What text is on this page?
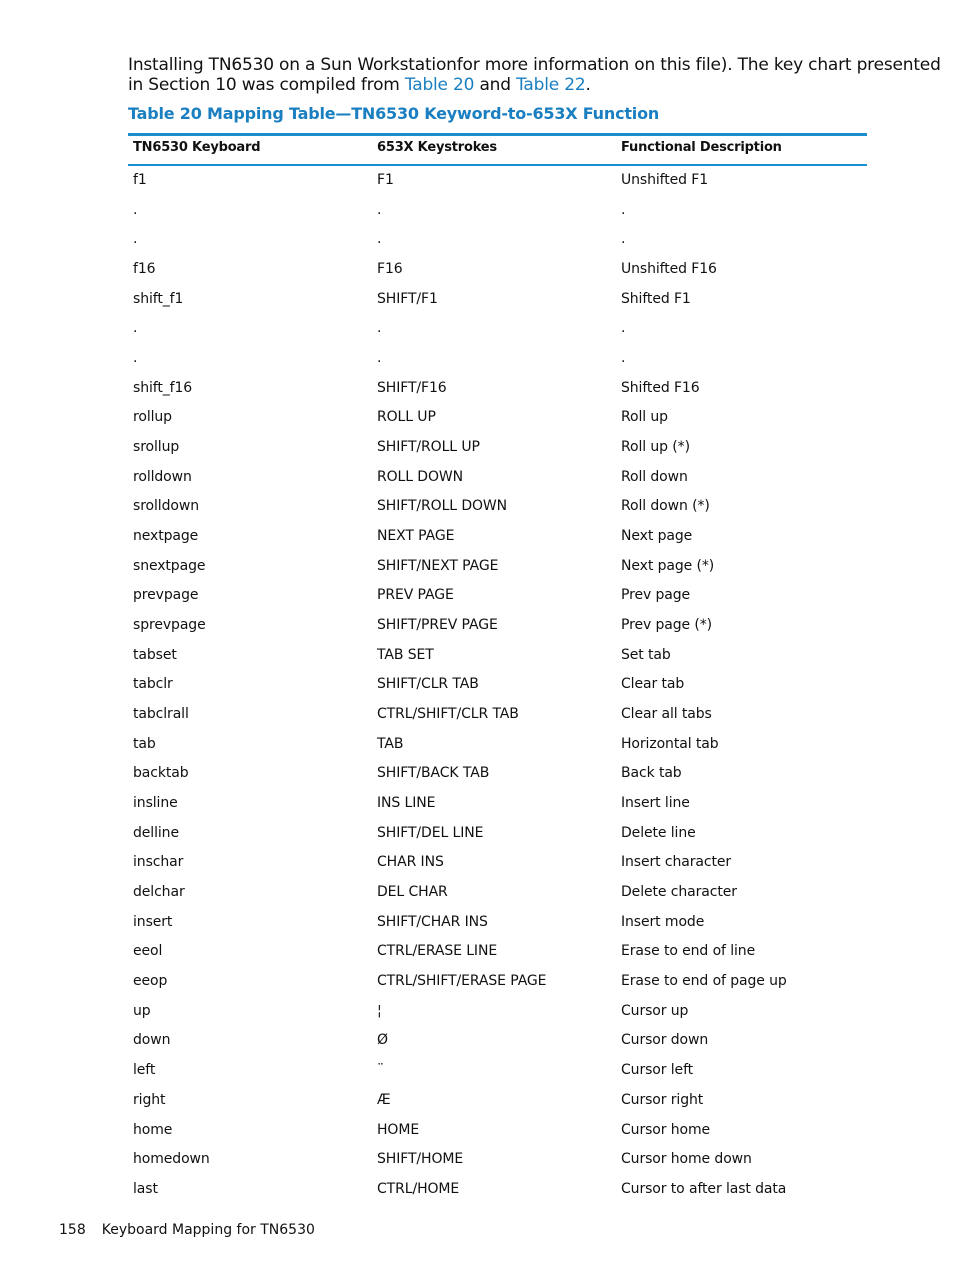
Installing TN6530 on a Sun Workstationfor more information on this file). The key chart presented
in Section 10 was compiled from Table 20 and Table 22.
Table 20 Mapping Table—TN6530 Keyword-to-653X Function
TN6530 Keyboard	653X Keystrokes	Functional Description
f1	F1	Unshifted F1
.	.	.
.	.	.
f16	F16	Unshifted F16
shift_f1	SHIFT/F1	Shifted F1
.	.	.
.	.	.
shift_f16	SHIFT/F16	Shifted F16
rollup	ROLL UP	Roll up
srollup	SHIFT/ROLL UP	Roll up (*)
rolldown	ROLL DOWN	Roll down
srolldown	SHIFT/ROLL DOWN	Roll down (*)
nextpage	NEXT PAGE	Next page
snextpage	SHIFT/NEXT PAGE	Next page (*)
prevpage	PREV PAGE	Prev page
sprevpage	SHIFT/PREV PAGE	Prev page (*)
tabset	TAB SET	Set tab
tabclr	SHIFT/CLR TAB	Clear tab
tabclrall	CTRL/SHIFT/CLR TAB	Clear all tabs
tab	TAB	Horizontal tab
backtab	SHIFT/BACK TAB	Back tab
insline	INS LINE	Insert line
delline	SHIFT/DEL LINE	Delete line
inschar	CHAR INS	Insert character
delchar	DEL CHAR	Delete character
insert	SHIFT/CHAR INS	Insert mode
eeol	CTRL/ERASE LINE	Erase to end of line
eeop	CTRL/SHIFT/ERASE PAGE	Erase to end of page up
up	¦	Cursor up
down	Ø	Cursor down
left	¨	Cursor left
right	Æ	Cursor right
home	HOME	Cursor home
homedown	SHIFT/HOME	Cursor home down
last	CTRL/HOME	Cursor to after last data
158 Keyboard Mapping for TN6530
